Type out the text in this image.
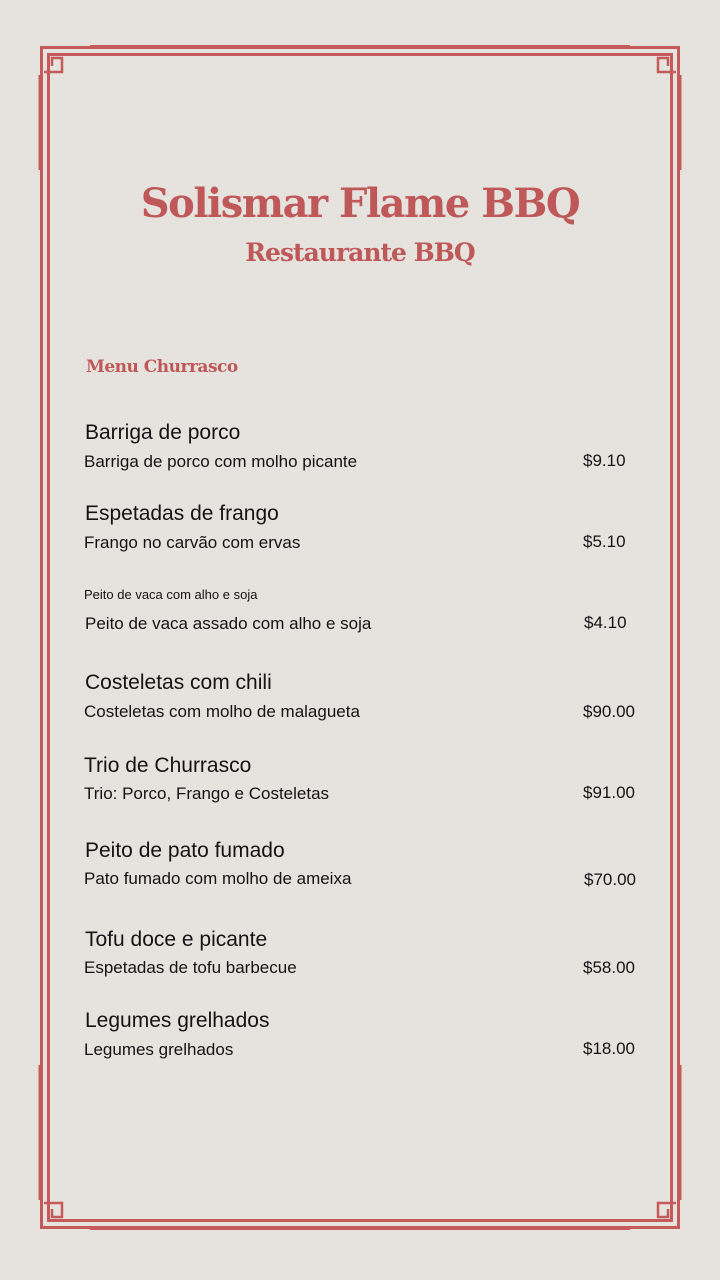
Solismar Flame BBQ
Restaurante BBQ
Menu Churrasco
Barriga de porco
Barriga de porco com molho picante	$9.10
Espetadas de frango
Frango no carvão com ervas	$5.10
Peito de vaca com alho e soja
Peito de vaca assado com alho e soja	$4.10
Costeletas com chili
Costeletas com molho de malagueta	$90.00
Trio de Churrasco
Trio: Porco, Frango e Costeletas	$91.00
Peito de pato fumado
Pato fumado com molho de ameixa	$70.00
Tofu doce e picante
Espetadas de tofu barbecue	$58.00
Legumes grelhados
Legumes grelhados	$18.00
